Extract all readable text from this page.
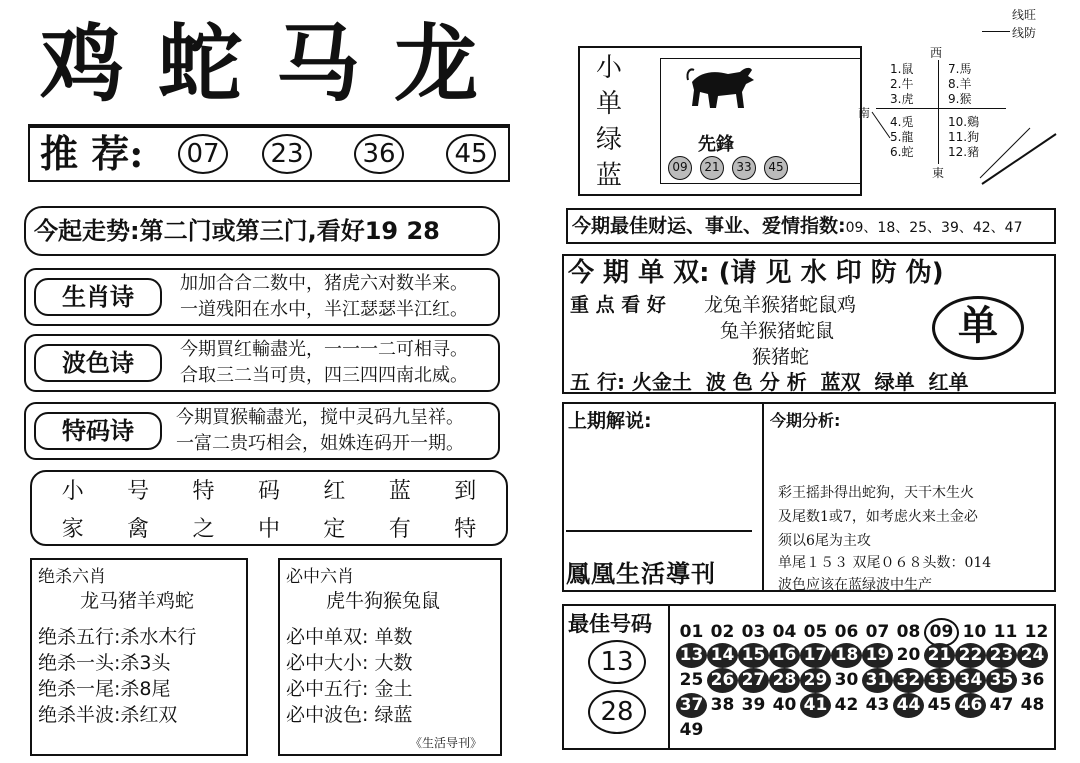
鸡蛇马龙
推 荐:	07	23	36	45
今起走势:第二门或第三门,看好19 28
生肖诗	加加合合二数中，猪虎六对数半来。
一道残阳在水中，半江瑟瑟半江红。
波色诗	今期買红輸盡光，一一一二可相寻。
合取三二当可贵，四三四四南北威。
特码诗	今期買猴輸盡光，搅中灵码九呈祥。
一富二贵巧相会，姐姝连码开一期。
小 号 特 码 红 蓝 到
家 禽 之 中 定 有 特
绝杀六肖
龙马猪羊鸡蛇
绝杀五行:杀水木行
绝杀一头:杀3头
绝杀一尾:杀8尾
绝杀半波:杀红双
必中六肖
虎牛狗猴兔鼠
必中单双: 单数
必中大小: 大数
必中五行: 金土
必中波色: 绿蓝
《生活导刊》
小
单
绿
蓝
先鋒
09	21	33	45
线旺
线防
西
南
東
1.鼠
2.牛
3.虎
4.兎
5.龍
6.蛇
7.馬
8.羊
9.猴
10.鷄
11.狗
12.豬
今期最佳财运、事业、爱情指数:09、18、25、39、42、47
今 期 单 双: (请 见 水 印 防 伪)
重 点 看 好 龙兔羊猴猪蛇鼠鸡
兔羊猴猪蛇鼠
猴猪蛇
单
五 行: 火金土  波 色 分 析  蓝双  绿单  红单
上期解说:	今期分析:
彩王摇卦得出蛇狗，天干木生火
及尾数1或7，如考虑火来土金必
须以6尾为主攻
单尾１５３ 双尾０６８头数：014
波色应该在蓝绿波中生产
鳳凰生活導刊
最佳号码
13
28
01 02 03 04 05 06 07 08 09 10 11 12
13 14 15 16 17 18 19 20 21 22 23 24
25 26 27 28 29 30 31 32 33 34 35 36
37 38 39 40 41 42 43 44 45 46 47 48
49
